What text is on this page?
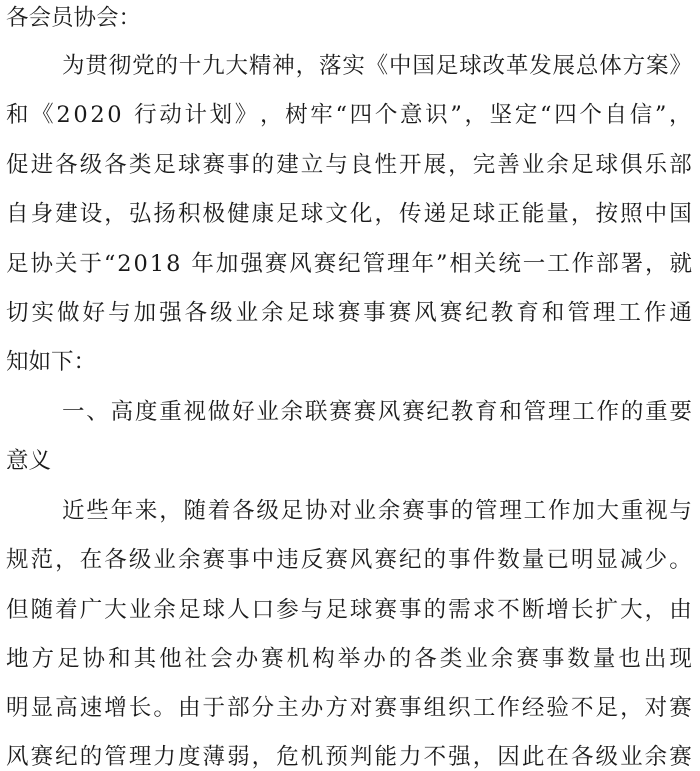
各会员协会：
为 贯 彻 党 的 十 九 大 精 神 ， 落 实 《 中 国 足 球 改 革 发 展 总 体 方 案 》
和 《 2 0 2 0
行 动 计 划 》 ， 树 牢 “ 四 个 意 识 ” ， 坚 定 “ 四 个 自 信 ” ，
促 进 各 级 各 类 足 球 赛 事 的 建 立 与 良 性 开 展 ， 完 善 业 余 足 球 俱 乐 部
自 身 建 设 ， 弘 扬 积 极 健 康 足 球 文 化 ， 传 递 足 球 正 能 量 ， 按 照 中 国
足 协 关 于 “ 2 0 1 8
年 加 强 赛 风 赛 纪 管 理 年 ” 相 关 统 一 工 作 部 署 ， 就
切 实 做 好 与 加 强 各 级 业 余 足 球 赛 事 赛 风 赛 纪 教 育 和 管 理 工 作 通
知如下：
一 、 高 度 重 视 做 好 业 余 联 赛 赛 风 赛 纪 教 育 和 管 理 工 作 的 重 要
意义
近 些 年 来 ， 随 着 各 级 足 协 对 业 余 赛 事 的 管 理 工 作 加 大 重 视 与
规 范 ， 在 各 级 业 余 赛 事 中 违 反 赛 风 赛 纪 的 事 件 数 量 已 明 显 减 少 。
但 随 着 广 大 业 余 足 球 人 口 参 与 足 球 赛 事 的 需 求 不 断 增 长 扩 大 ， 由
地 方 足 协 和 其 他 社 会 办 赛 机 构 举 办 的 各 类 业 余 赛 事 数 量 也 出 现
明 显 高 速 增 长 。 由 于 部 分 主 办 方 对 赛 事 组 织 工 作 经 验 不 足 ， 对 赛
风 赛 纪 的 管 理 力 度 薄 弱 ， 危 机 预 判 能 力 不 强 ， 因 此 在 各 级 业 余 赛
